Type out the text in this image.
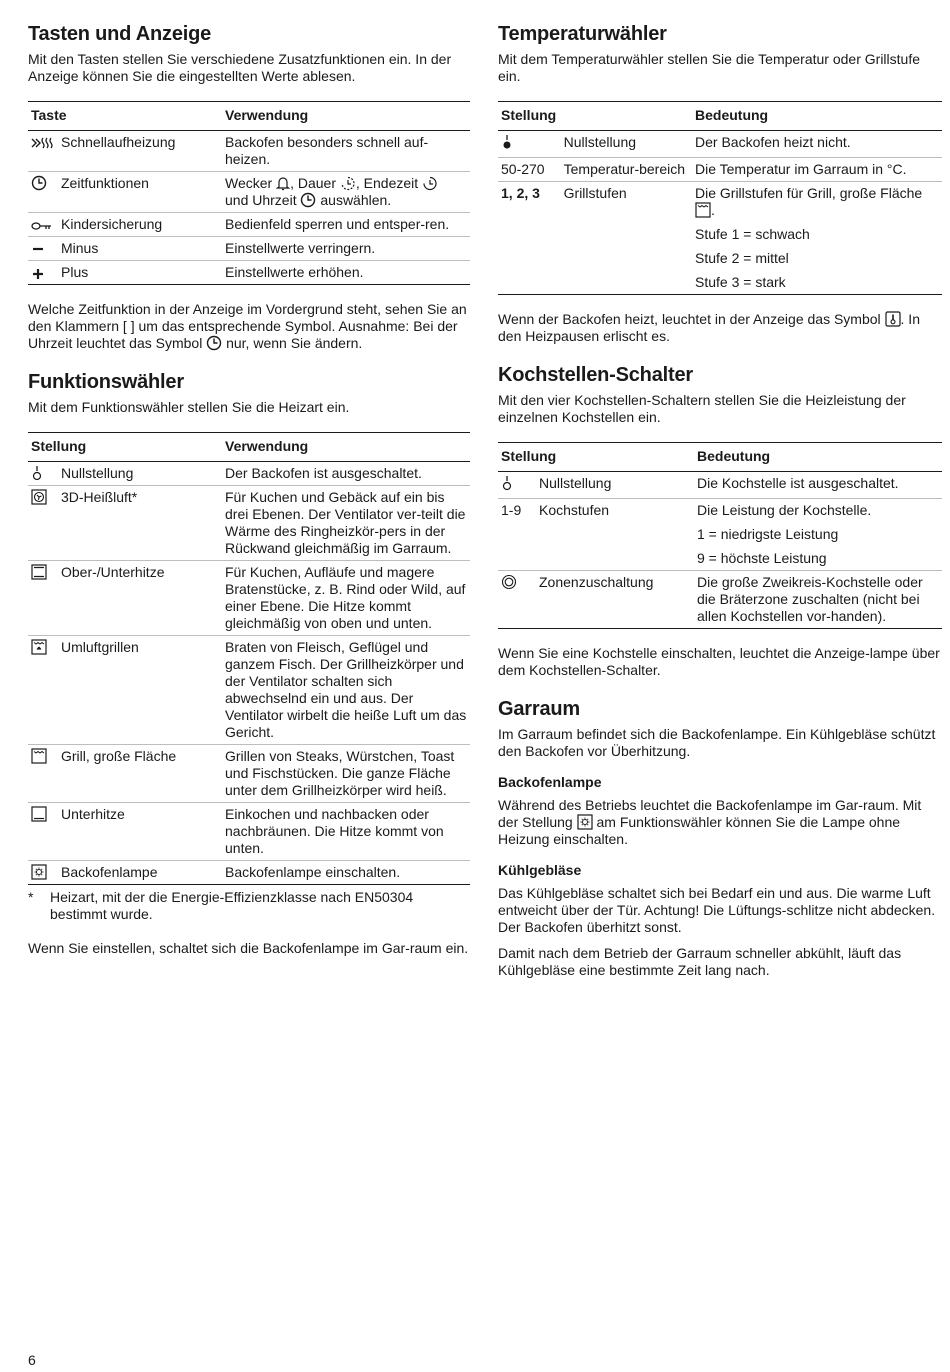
Tasten und Anzeige

Mit den Tasten stellen Sie verschiedene Zusatzfunktionen ein. In der Anzeige können Sie die eingestellten Werte ablesen.

Taste	Verwendung
Schnellaufheizung	Backofen besonders schnell auf-heizen.
Zeitfunktionen	Wecker , Dauer , Endezeit
und Uhrzeit  auswählen.
Kindersicherung	Bedienfeld sperren und entsper-ren.
Minus	Einstellwerte verringern.
Plus	Einstellwerte erhöhen.

Welche Zeitfunktion in der Anzeige im Vordergrund steht, sehen Sie an den Klammern [ ] um das entsprechende Symbol. Ausnahme: Bei der Uhrzeit leuchtet das Symbol  nur, wenn Sie ändern.

Funktionswähler

Mit dem Funktionswähler stellen Sie die Heizart ein.

Stellung	Verwendung
Nullstellung	Der Backofen ist ausgeschaltet.
3D-Heißluft*	Für Kuchen und Gebäck auf ein bis drei Ebenen. Der Ventilator ver-teilt die Wärme des Ringheizkör-pers in der Rückwand gleichmäßig im Garraum.
Ober-/Unterhitze	Für Kuchen, Aufläufe und magere Bratenstücke, z. B. Rind oder Wild, auf einer Ebene. Die Hitze kommt gleichmäßig von oben und unten.
Umluftgrillen	Braten von Fleisch, Geflügel und ganzem Fisch. Der Grillheizkörper und der Ventilator schalten sich abwechselnd ein und aus. Der Ventilator wirbelt die heiße Luft um das Gericht.
Grill, große Fläche	Grillen von Steaks, Würstchen, Toast und Fischstücken. Die ganze Fläche unter dem Grillheizkörper wird heiß.
Unterhitze	Einkochen und nachbacken oder nachbräunen. Die Hitze kommt von unten.
Backofenlampe	Backofenlampe einschalten.
*	Heizart, mit der die Energie-Effizienzklasse nach EN50304 bestimmt wurde.

Wenn Sie einstellen, schaltet sich die Backofenlampe im Gar-raum ein.

Temperaturwähler

Mit dem Temperaturwähler stellen Sie die Temperatur oder Grillstufe ein.

Stellung		Bedeutung
	Nullstellung	Der Backofen heizt nicht.
50-270	Temperatur-bereich	Die Temperatur im Garraum in °C.
1, 2, 3	Grillstufen	Die Grillstufen für Grill, große Fläche .
Stufe 1 = schwach
Stufe 2 = mittel
Stufe 3 = stark

Wenn der Backofen heizt, leuchtet in der Anzeige das Symbol . In den Heizpausen erlischt es.

Kochstellen-Schalter

Mit den vier Kochstellen-Schaltern stellen Sie die Heizleistung der einzelnen Kochstellen ein.

Stellung		Bedeutung
	Nullstellung	Die Kochstelle ist ausgeschaltet.
1-9	Kochstufen	Die Leistung der Kochstelle.
1 = niedrigste Leistung
9 = höchste Leistung

	Zonenzuschaltung	Die große Zweikreis-Kochstelle oder die Bräterzone zuschalten (nicht bei allen Kochstellen vor-handen).

Wenn Sie eine Kochstelle einschalten, leuchtet die Anzeige-lampe über dem Kochstellen-Schalter.

Garraum

Im Garraum befindet sich die Backofenlampe. Ein Kühlgebläse schützt den Backofen vor Überhitzung.

Backofenlampe

Während des Betriebs leuchtet die Backofenlampe im Gar-raum. Mit der Stellung  am Funktionswähler können Sie die Lampe ohne Heizung einschalten.

Kühlgebläse

Das Kühlgebläse schaltet sich bei Bedarf ein und aus. Die warme Luft entweicht über der Tür. Achtung! Die Lüftungs-schlitze nicht abdecken. Der Backofen überhitzt sonst.

Damit nach dem Betrieb der Garraum schneller abkühlt, läuft das Kühlgebläse eine bestimmte Zeit lang nach.

6
